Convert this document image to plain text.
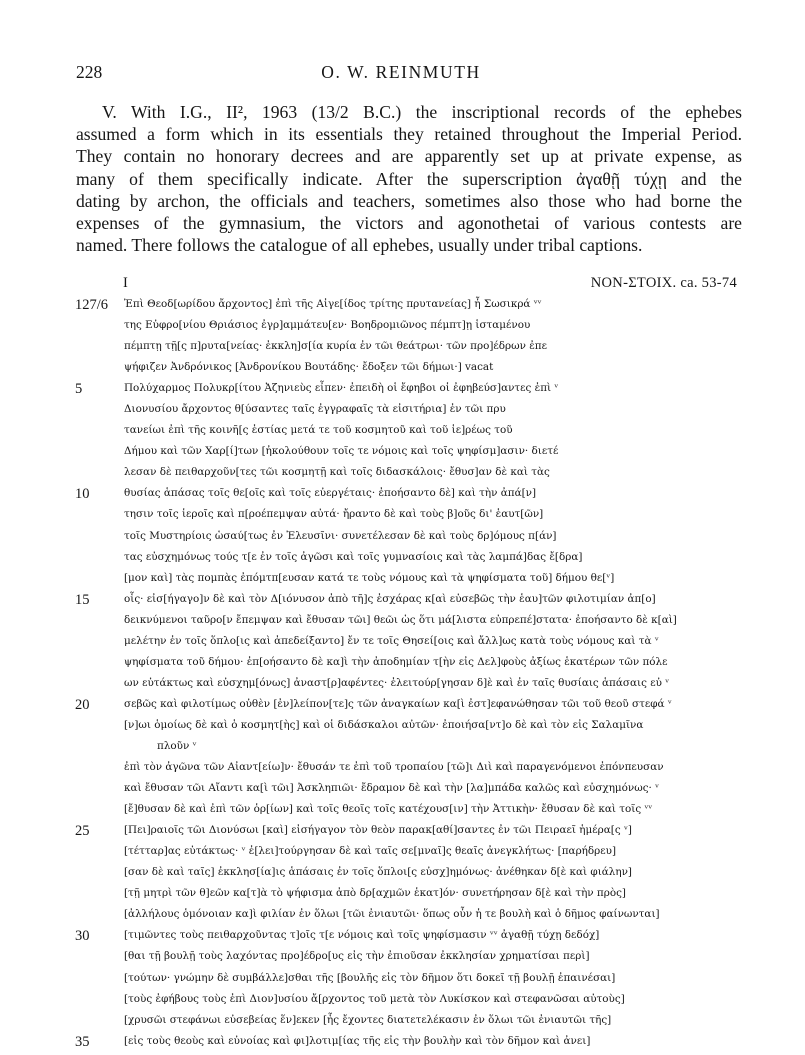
228	O. W. REINMUTH
V. With I.G., II², 1963 (13/2 B.C.) the inscriptional records of the ephebes
assumed a form which in its essentials they retained throughout the Imperial Period.
They contain no honorary decrees and are apparently set up at private expense, as
many of them specifically indicate. After the superscription ἀγαθῇ τύχῃ and the
dating by archon, the officials and teachers, sometimes also those who had borne the
expenses of the gymnasium, the victors and agonothetai of various contests are
named. There follows the catalogue of all ephebes, usually under tribal captions.
I	NON-ΣΤΟΙΧ. ca. 53-74
127/6	Ἐπὶ Θεοδ[ωρίδου ἄρχοντος] ἐπὶ τῆς Αἰγε[ίδος τρίτης πρυτανείας] ἧ Σωσικρά ᵛᵛ
της Εὐφρο[νίου Θριάσιος ἐγρ]αμμάτευ[εν· Βοηδρομιῶνος πέμπτ]ῃ ἱσταμένου
πέμπτῃ τῇ[ς π]ρυτα[νείας· ἐκκλη]σ[ία κυρία ἐν τῶι θεάτρωι· τῶν προ]έδρων ἐπε
ψήφιζεν Ἀνδρόνικος [Ἀνδρονίκου Βουτάδης· ἔδοξεν τῶι δήμωι·] vacat
5	Πολύχαρμος Πολυκρ[ίτου Ἀζηνιεὺς εἶπεν· ἐπειδὴ οἱ ἔφηβοι οἱ ἐφηβεύσ]αντες ἐπὶ ᵛ
Διονυσίου ἄρχοντος θ[ύσαντες ταῖς ἐγγραφαῖς τὰ εἰσιτήρια] ἐν τῶι πρυ
τανείωι ἐπὶ τῆς κοινῆ[ς ἑστίας μετά τε τοῦ κοσμητοῦ καὶ τοῦ ἱε]ρέως τοῦ
Δήμου καὶ τῶν Χαρ[ί]των [ἠκολούθουν τοῖς τε νόμοις καὶ τοῖς ψηφίσμ]ασιν· διετέ
λεσαν δὲ πειθαρχοῦν[τες τῶι κοσμητῇ καὶ τοῖς διδασκάλοις· ἔθυσ]αν δὲ καὶ τὰς
10	θυσίας ἁπάσας τοῖς θε[οῖς καὶ τοῖς εὐεργέταις· ἐποήσαντο δὲ] καὶ τὴν ἀπά[ν]
τησιν τοῖς ἱεροῖς καὶ π[ροέπεμψαν αὐτά· ἤραντο δὲ καὶ τοὺς β]οῦς δι' ἑαυτ[ῶν]
τοῖς Μυστηρίοις ὡσαύ[τως ἐν Ἐλευσῖνι· συνετέλεσαν δὲ καὶ τοὺς δρ]όμους π[άν]
τας εὐσχημόνως τούς τ[ε ἐν τοῖς ἀγῶσι καὶ τοῖς γυμνασίοις καὶ τὰς λαμπά]δας ἔ[δρα]
[μον καὶ] τὰς πομπὰς ἐπόμτπ[ευσαν κατά τε τοὺς νόμους καὶ τὰ ψηφίσματα τοῦ] δήμου θε[ᵛ]
15	οἷς· εἰσ[ήγαγο]ν δὲ καὶ τὸν Δ[ιόνυσον ἀπὸ τῆ]ς ἐσχάρας κ[αὶ εὐσεβῶς τὴν ἑαυ]τῶν φιλοτιμίαν ἀπ[ο]
δεικνύμενοι ταῦρο[ν ἔπεμψαν καὶ ἔθυσαν τῶι] θεῶι ὡς ὅτι μά[λιστα εὐπρεπέ]στατα· ἐποήσαντο δὲ κ[αὶ]
μελέτην ἐν τοῖς ὅπλο[ις καὶ ἀπεδείξαντο] ἔν τε τοῖς Θησεί[οις καὶ ἄλλ]ως κατὰ τοὺς νόμους καὶ τὰ ᵛ
ψηφίσματα τοῦ δήμου· ἐπ[οήσαντο δὲ κα]ὶ τὴν ἀποδημίαν τ[ὴν εἰς Δελ]φοὺς ἀξίως ἑκατέρων τῶν πόλε
ων εὐτάκτως καὶ εὐσχημ[όνως] ἀναστ[ρ]αφέντες· ἐλειτούρ[γησαν δ]ὲ καὶ ἐν ταῖς θυσίαις ἁπάσαις εὐ ᵛ
20	σεβῶς καὶ φιλοτίμως οὐθὲν [ἐν]λείπον[τε]ς τῶν ἀναγκαίων κα[ὶ ἐστ]εφανώθησαν τῶι τοῦ θεοῦ στεφά ᵛ
[ν]ωι ὁμοίως δὲ καὶ ὁ κοσμητ[ὴς] καὶ οἱ διδάσκαλοι αὐτῶν· ἐποιήσα[ντ]ο δὲ καὶ τὸν εἰς Σαλαμῖνα
πλοῦν ᵛ
ἐπὶ τὸν ἀγῶνα τῶν Αἰαντ[είω]ν· ἔθυσάν τε ἐπὶ τοῦ τροπαίου [τῶ]ι Διὶ καὶ παραγενόμενοι ἐπόνπευσαν
καὶ ἔθυσαν τῶι Αἴαντι κα[ὶ τῶι] Ἀσκληπιῶι· ἔδραμον δὲ καὶ τὴν [λα]μπάδα καλῶς καὶ εὐσχημόνως· ᵛ
[ἔ]θυσαν δὲ καὶ ἐπὶ τῶν ὁρ[ίων] καὶ τοῖς θεοῖς τοῖς κατέχουσ[ιν] τὴν Ἀττικὴν· ἔθυσαν δὲ καὶ τοῖς ᵛᵛ
25	[Πει]ραιοῖς τῶι Διονύσωι [καὶ] εἰσήγαγον τὸν θεὸν παρακ[αθί]σαντες ἐν τῶι Πειραεῖ ἡμέρα[ς ᵛ]
[τέτταρ]ας εὐτάκτως· ᵛ ἐ[λει]τούργησαν δὲ καὶ ταῖς σε[μναῖ]ς θεαῖς ἀνεγκλήτως· [παρήδρευ]
[σαν δὲ καὶ ταῖς] ἐκκλησ[ία]ις ἁπάσαις ἐν τοῖς ὅπλοι[ς εὐσχ]ημόνως· ἀνέθηκαν δ[ὲ καὶ φιάλην]
[τῇ μητρὶ τῶν θ]εῶν κα[τ]ὰ τὸ ψήφισμα ἀπὸ δρ[αχμῶν ἑκατ]όν· συνετήρησαν δ[ὲ καὶ τὴν πρὸς]
[ἀλλήλους ὁμόνοιαν κα]ὶ φιλίαν ἐν ὅλωι [τῶι ἐνιαυτῶι· ὅπως οὖν ἡ τε βουλὴ καὶ ὁ δῆμος φαίνωνται]
30	[τιμῶντες τοὺς πειθαρχοῦντας τ]οῖς τ[ε νόμοις καὶ τοῖς ψηφίσμασιν ᵛᵛ ἀγαθῇ τύχῃ δεδόχ]
[θαι τῇ βουλῇ τοὺς λαχόντας προ]έδρο[υς εἰς τὴν ἐπιοῦσαν ἐκκλησίαν χρηματίσαι περὶ]
[τούτων· γνώμην δὲ συμβάλλε]σθαι τῆς [βουλῆς εἰς τὸν δῆμον ὅτι δοκεῖ τῇ βουλῇ ἐπαινέσαι]
[τοὺς ἐφήβους τοὺς ἐπὶ Διον]υσίου ἄ[ρχοντος τοῦ μετὰ τὸν Λυκίσκον καὶ στεφανῶσαι αὐτοὺς]
[χρυσῶι στεφάνωι εὐσεβείας ἕν]εκεν [ἧς ἔχοντες διατετελέκασιν ἐν ὅλωι τῶι ἐνιαυτῶι τῆς]
35	[εἰς τοὺς θεοὺς καὶ εὐνοίας καὶ φι]λοτιμ[ίας τῆς εἰς τὴν βουλὴν καὶ τὸν δῆμον καὶ ἀνει]
